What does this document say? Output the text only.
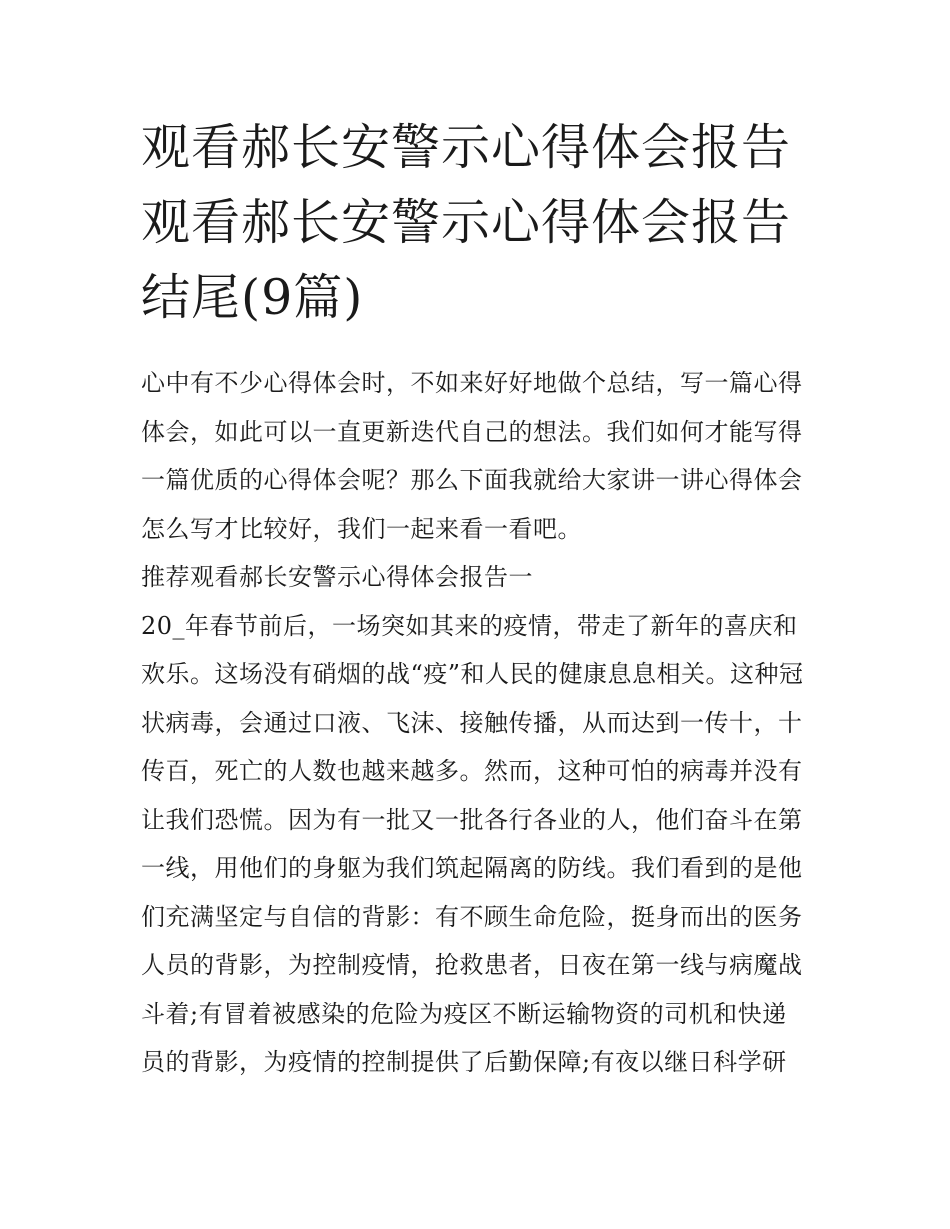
观看郝长安警示心得体会报告
观看郝长安警示心得体会报告
结尾(9篇)
心中有不少心得体会时，不如来好好地做个总结，写一篇心得
体会，如此可以一直更新迭代自己的想法。我们如何才能写得
一篇优质的心得体会呢？那么下面我就给大家讲一讲心得体会
怎么写才比较好，我们一起来看一看吧。
推荐观看郝长安警示心得体会报告一
20_年春节前后，一场突如其来的疫情，带走了新年的喜庆和
欢乐。这场没有硝烟的战“疫”和人民的健康息息相关。这种冠
状病毒，会通过口液、飞沫、接触传播，从而达到一传十，十
传百，死亡的人数也越来越多。然而，这种可怕的病毒并没有
让我们恐慌。因为有一批又一批各行各业的人，他们奋斗在第
一线，用他们的身躯为我们筑起隔离的防线。我们看到的是他
们充满坚定与自信的背影：有不顾生命危险，挺身而出的医务
人员的背影，为控制疫情，抢救患者，日夜在第一线与病魔战
斗着;有冒着被感染的危险为疫区不断运输物资的司机和快递
员的背影，为疫情的控制提供了后勤保障;有夜以继日科学研
